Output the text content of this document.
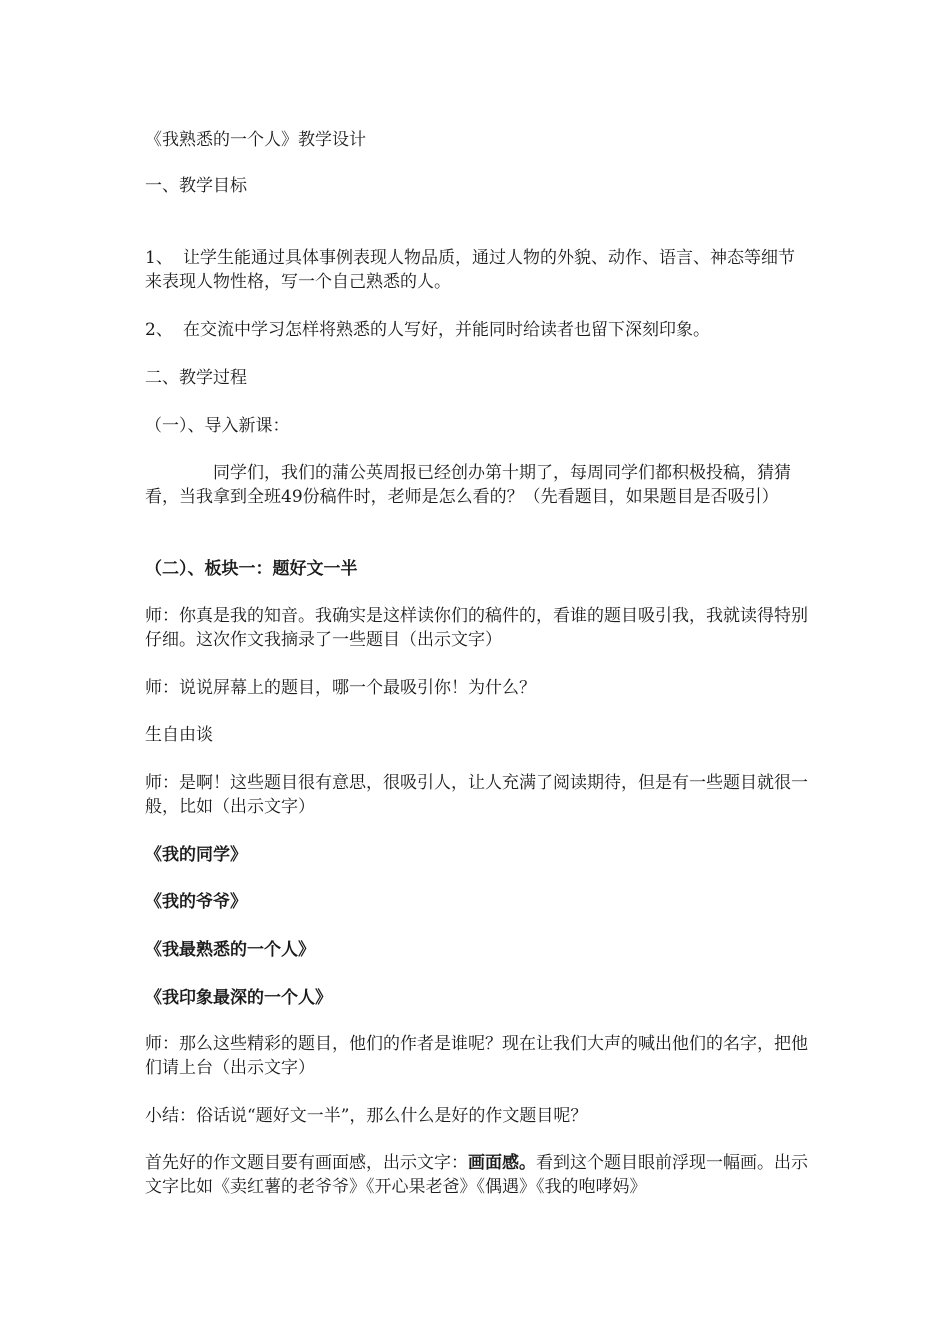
《我熟悉的一个人》教学设计

一、教学目标

1、 让学生能通过具体事例表现人物品质，通过人物的外貌、动作、语言、神态等细节来表现人物性格，写一个自己熟悉的人。

2、 在交流中学习怎样将熟悉的人写好，并能同时给读者也留下深刻印象。

二、教学过程

（一）、导入新课：

同学们，我们的蒲公英周报已经创办第十期了，每周同学们都积极投稿，猜猜看，当我拿到全班49份稿件时，老师是怎么看的？（先看题目，如果题目是否吸引）

（二）、板块一：题好文一半

师：你真是我的知音。我确实是这样读你们的稿件的，看谁的题目吸引我，我就读得特别仔细。这次作文我摘录了一些题目（出示文字）

师：说说屏幕上的题目，哪一个最吸引你！为什么？

生自由谈

师：是啊！这些题目很有意思，很吸引人，让人充满了阅读期待，但是有一些题目就很一般，比如（出示文字）

《我的同学》

《我的爷爷》

《我最熟悉的一个人》

《我印象最深的一个人》

师：那么这些精彩的题目，他们的作者是谁呢？现在让我们大声的喊出他们的名字，把他们请上台（出示文字）

小结：俗话说“题好文一半”，那么什么是好的作文题目呢？

首先好的作文题目要有画面感，出示文字：画面感。看到这个题目眼前浮现一幅画。出示文字比如《卖红薯的老爷爷》《开心果老爸》《偶遇》《我的咆哮妈》
